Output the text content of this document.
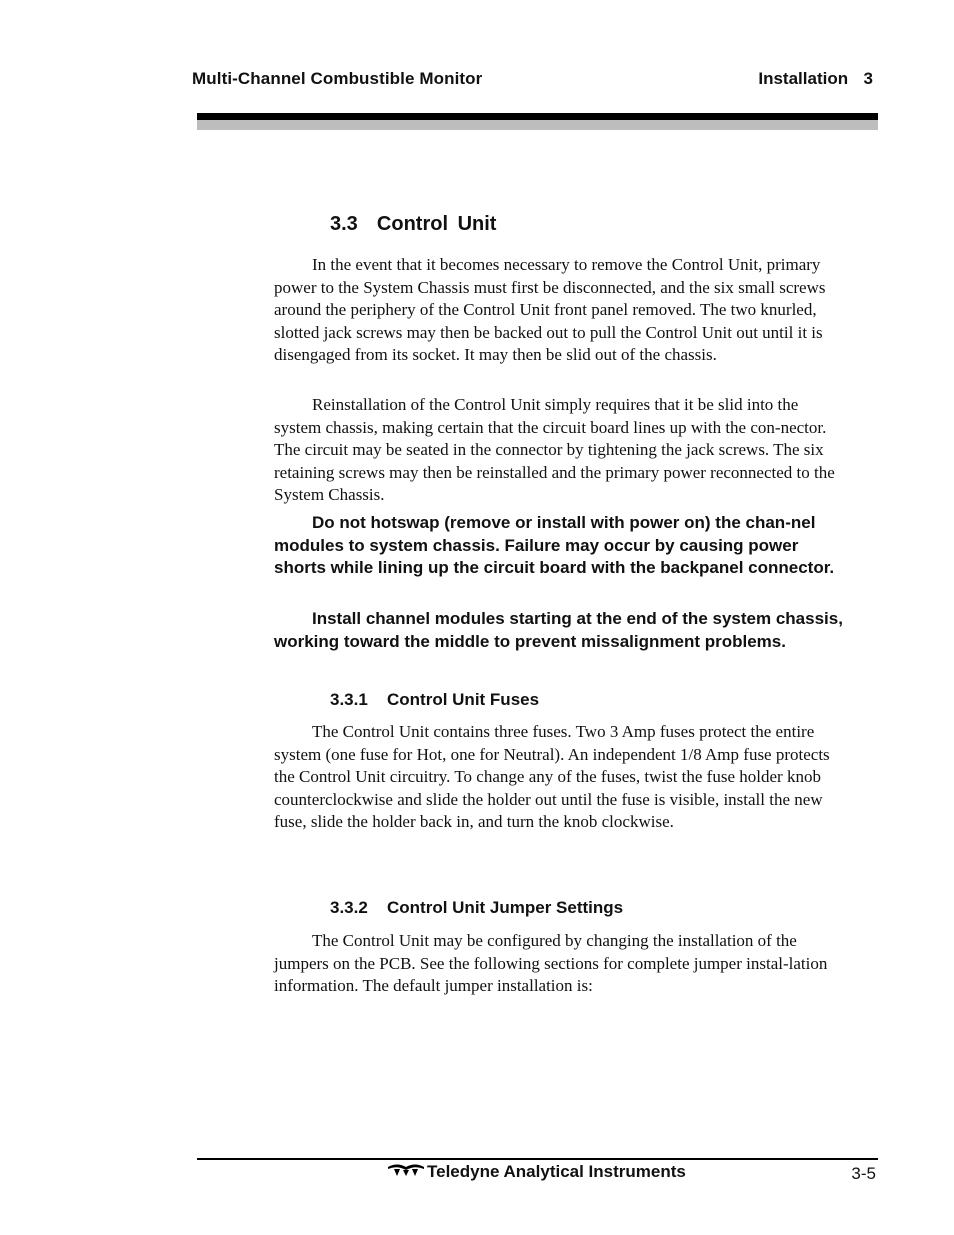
Multi-Channel Combustible Monitor	Installation  3
3.3  Control Unit

In the event that it becomes necessary to remove the Control Unit, primary power to the System Chassis must first be disconnected, and the six small screws around the periphery of the Control Unit front panel removed. The two knurled, slotted jack screws may then be backed out to pull the Control Unit out until it is disengaged from its socket. It may then be slid out of the chassis.

Reinstallation of the Control Unit simply requires that it be slid into the system chassis, making certain that the circuit board lines up with the con-nector. The circuit may be seated in the connector by tightening the jack screws. The six retaining screws may then be reinstalled and the primary power reconnected to the System Chassis.

Do not hotswap (remove or install with power on) the chan-nel modules to system chassis. Failure may occur by causing power shorts while lining up the circuit board with the backpanel connector.

Install channel modules starting at the end of the system chassis, working toward the middle to prevent missalignment problems.

3.3.1 Control Unit Fuses

The Control Unit contains three fuses. Two 3 Amp fuses protect the entire system (one fuse for Hot, one for Neutral). An independent 1/8 Amp fuse protects the Control Unit circuitry. To change any of the fuses, twist the fuse holder knob counterclockwise and slide the holder out until the fuse is visible, install the new fuse, slide the holder back in, and turn the knob clockwise.

3.3.2 Control Unit Jumper Settings

The Control Unit may be configured by changing the installation of the jumpers on the PCB. See the following sections for complete jumper instal-lation information. The default jumper installation is:

Teledyne Analytical Instruments	3-5
